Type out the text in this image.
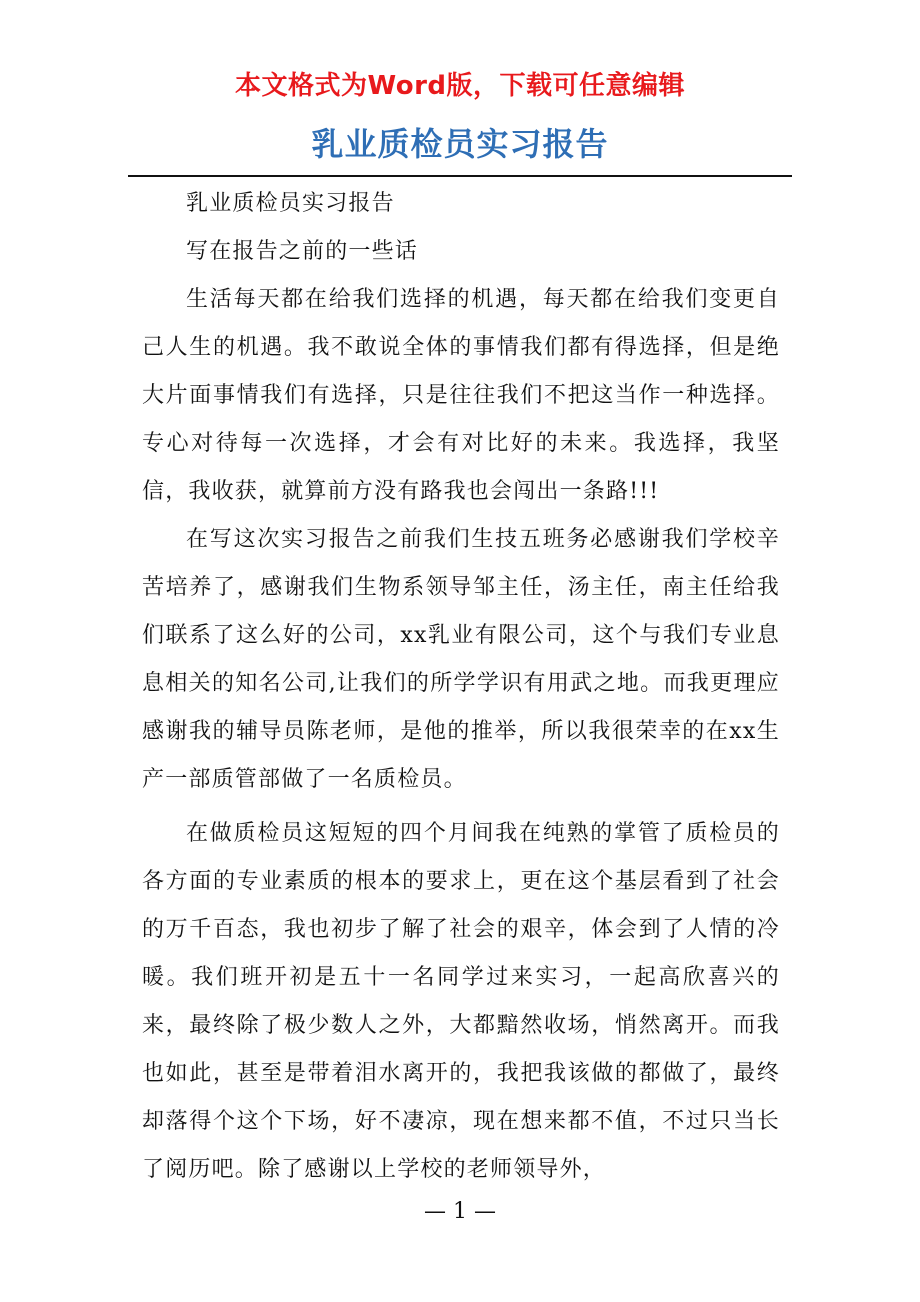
本文格式为Word版，下载可任意编辑
乳业质检员实习报告

乳业质检员实习报告

写在报告之前的一些话

生活每天都在给我们选择的机遇，每天都在给我们变更自己人生的机遇。我不敢说全体的事情我们都有得选择，但是绝大片面事情我们有选择，只是往往我们不把这当作一种选择。专心对待每一次选择，才会有对比好的未来。我选择，我坚信，我收获，就算前方没有路我也会闯出一条路!!!

在写这次实习报告之前我们生技五班务必感谢我们学校辛苦培养了，感谢我们生物系领导邹主任，汤主任，南主任给我们联系了这么好的公司，xx乳业有限公司，这个与我们专业息息相关的知名公司,让我们的所学学识有用武之地。而我更理应感谢我的辅导员陈老师，是他的推举，所以我很荣幸的在xx生产一部质管部做了一名质检员。

在做质检员这短短的四个月间我在纯熟的掌管了质检员的各方面的专业素质的根本的要求上，更在这个基层看到了社会的万千百态，我也初步了解了社会的艰辛，体会到了人情的冷暖。我们班开初是五十一名同学过来实习，一起高欣喜兴的来，最终除了极少数人之外，大都黯然收场，悄然离开。而我也如此，甚至是带着泪水离开的，我把我该做的都做了，最终却落得个这个下场，好不凄凉，现在想来都不值，不过只当长了阅历吧。除了感谢以上学校的老师领导外，

— 1 —
